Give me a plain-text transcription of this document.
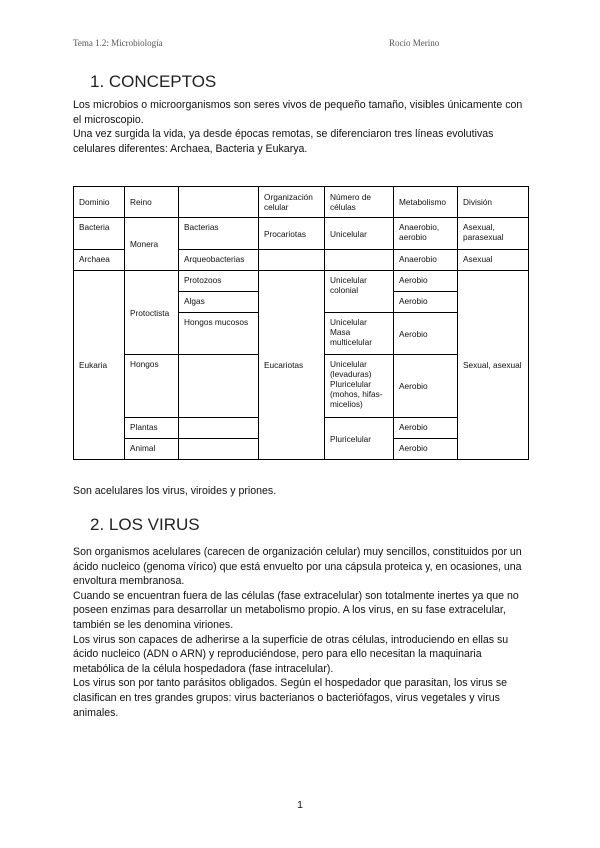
Tema 1.2: Microbiología	Rocío Merino
1. CONCEPTOS
Los microbios o microorganismos son seres vivos de pequeño tamaño, visibles únicamente con el microscopio.
Una vez surgida la vida, ya desde épocas remotas, se diferenciaron tres líneas evolutivas celulares diferentes: Archaea, Bacteria y Eukarya.
Dominio	Reino		Organización celular	Número de células	Metabolismo	División	
Bacteria	Monera	Bacterias	Procariotas	Unicelular	Anaerobio, aerobio	Asexual, parasexual	
Archaea		Arqueobacterias			Anaerobio	Asexual	
Eukaria	Protoctista	Protozoos	Eucariotas	Unicelular colonial	Aerobio	Sexual, asexual	
		Algas			Aerobio		
		Hongos mucosos		Unicelular Masa multicelular	Aerobio		
	Hongos			Unicelular (levaduras) Pluricelular (mohos, hifas-micelios)	Aerobio		
	Plantas			Pluricelular	Aerobio		
	Animal				Aerobio	

Son acelulares los virus, viroides y priones.

2. LOS VIRUS
Son organismos acelulares (carecen de organización celular) muy sencillos, constituidos por un ácido nucleico (genoma vírico) que está envuelto por una cápsula proteica y, en ocasiones, una envoltura membranosa.
Cuando se encuentran fuera de las células (fase extracelular) son totalmente inertes ya que no poseen enzimas para desarrollar un metabolismo propio. A los virus, en su fase extracelular, también se les denomina viriones.
Los virus son capaces de adherirse a la superficie de otras células, introduciendo en ellas su ácido nucleico (ADN o ARN) y reproduciéndose, pero para ello necesitan la maquinaria metabólica de la célula hospedadora (fase intracelular).
Los virus son por tanto parásitos obligados. Según el hospedador que parasitan, los virus se clasifican en tres grandes grupos: virus bacterianos o bacteriófagos, virus vegetales y virus animales.
1
